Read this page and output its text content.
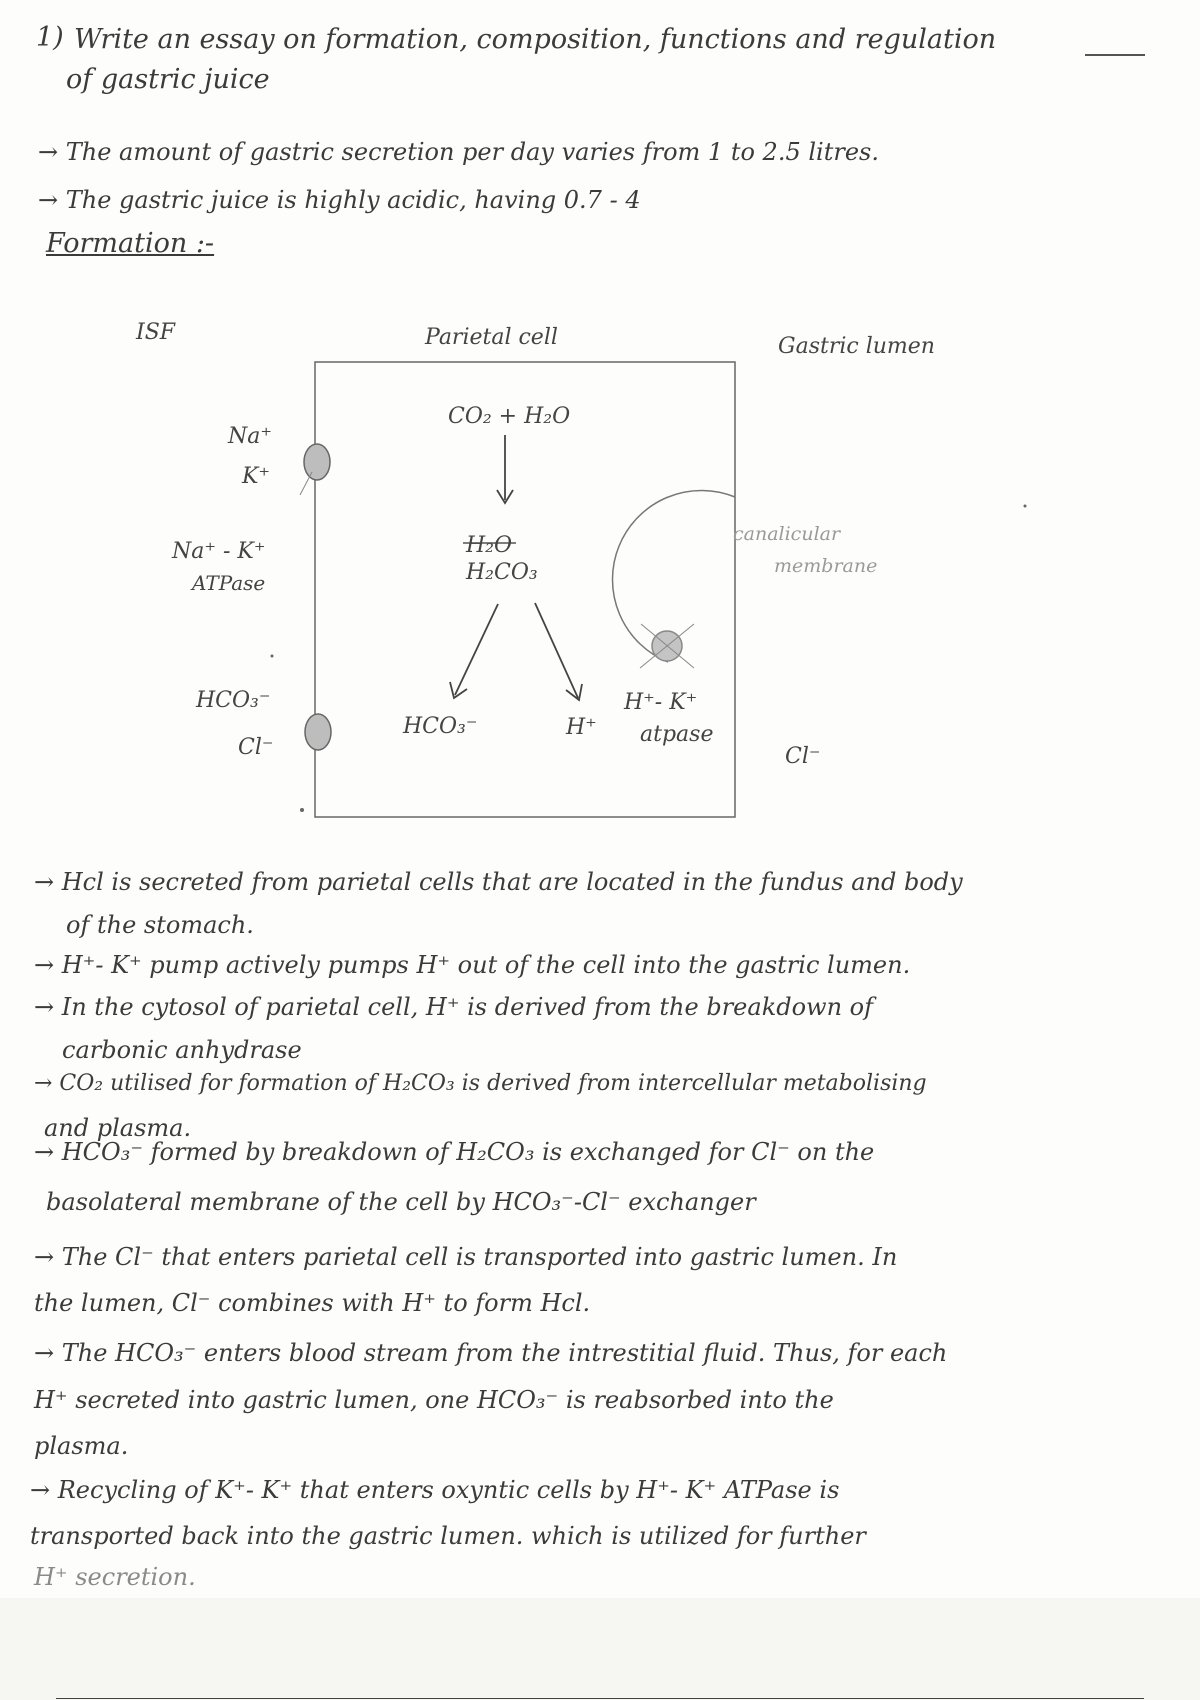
1) Write an essay on formation, composition, functions and regulation
of gastric juice
→ The amount of gastric secretion per day varies from 1 to 2.5 litres.
→ The gastric juice is highly acidic, having 0.7 - 4
Formation :-
ISF	Parietal cell	Gastric lumen
CO₂ + H₂O
H₂O
H₂CO₃
HCO₃⁻	H⁺
Na⁺
K⁺
Na⁺ - K⁺
ATPase
HCO₃⁻
Cl⁻
canalicular
membrane
H⁺- K⁺
atpase
Cl⁻
→ Hcl is secreted from parietal cells that are located in the fundus and body
of the stomach.
→ H⁺- K⁺ pump actively pumps H⁺ out of the cell into the gastric lumen.
→ In the cytosol of parietal cell, H⁺ is derived from the breakdown of
carbonic anhydrase
→ CO₂ utilised for formation of H₂CO₃ is derived from intercellular metabolising
and plasma.
→ HCO₃⁻ formed by breakdown of H₂CO₃ is exchanged for Cl⁻ on the
basolateral membrane of the cell by HCO₃⁻-Cl⁻ exchanger
→ The Cl⁻ that enters parietal cell is transported into gastric lumen. In
the lumen, Cl⁻ combines with H⁺ to form Hcl.
→ The HCO₃⁻ enters blood stream from the intrestitial fluid. Thus, for each
H⁺ secreted into gastric lumen, one HCO₃⁻ is reabsorbed into the
plasma.
→ Recycling of K⁺- K⁺ that enters oxyntic cells by H⁺- K⁺ ATPase is
transported back into the gastric lumen. which is utilized for further
H⁺ secretion.
